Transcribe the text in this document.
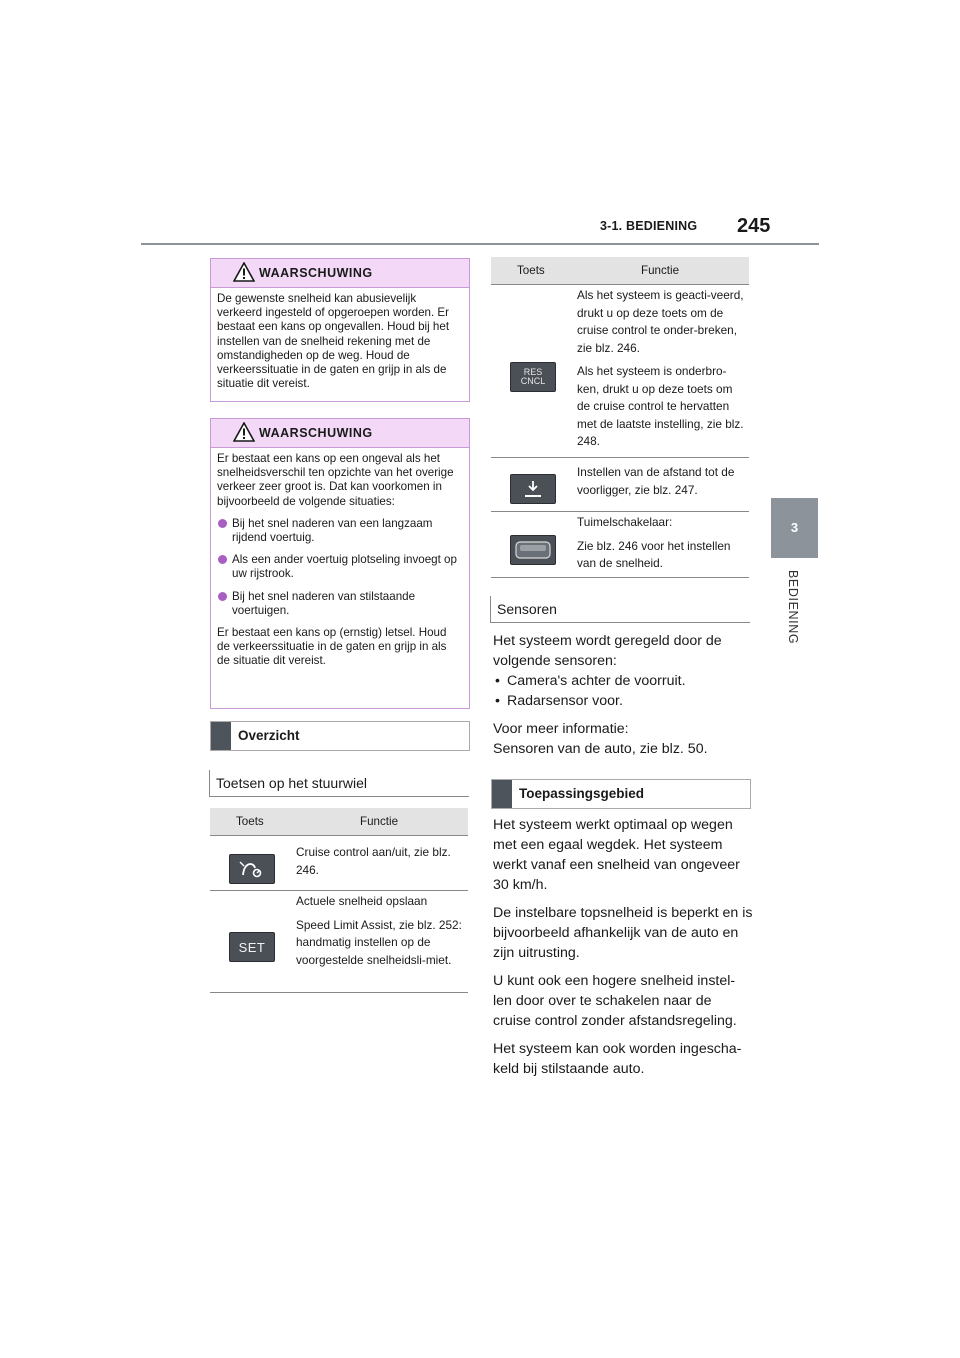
3-1. BEDIENING 245
3
BEDIENING
WAARSCHUWING

De gewenste snelheid kan abusievelijk verkeerd ingesteld of opgeroepen worden. Er bestaat een kans op ongevallen. Houd bij het instellen van de snelheid rekening met de omstandigheden op de weg. Houd de verkeerssituatie in de gaten en grijp in als de situatie dit vereist.

WAARSCHUWING

Er bestaat een kans op een ongeval als het snelheidsverschil ten opzichte van het overige verkeer zeer groot is. Dat kan voorkomen in bijvoorbeeld de volgende situaties:

Bij het snel naderen van een langzaam rijdend voertuig.
Als een ander voertuig plotseling invoegt op uw rijstrook.
Bij het snel naderen van stilstaande voertuigen.

Er bestaat een kans op (ernstig) letsel. Houd de verkeerssituatie in de gaten en grijp in als de situatie dit vereist.

Overzicht
Toetsen op het stuurwiel
Toets	Functie

Cruise control aan/uit, zie blz. 246.

SET

Actuele snelheid opslaan

Speed Limit Assist, zie blz. 252: handmatig instellen op de voorgestelde snelheidsli-miet.

Toets	Functie
RES
CNCL

Als het systeem is geacti-veerd, drukt u op deze toets om de cruise control te onder-breken, zie blz. 246.

Als het systeem is onderbro-ken, drukt u op deze toets om de cruise control te hervatten met de laatste instelling, zie blz. 248.

Instellen van de afstand tot de voorligger, zie blz. 247.

Tuimelschakelaar:

Zie blz. 246 voor het instellen van de snelheid.

Sensoren

Het systeem wordt geregeld door de volgende sensoren:

• Camera's achter de voorruit.
• Radarsensor voor.
Voor meer informatie:
Sensoren van de auto, zie blz. 50.
Toepassingsgebied

Het systeem werkt optimaal op wegen met een egaal wegdek. Het systeem werkt vanaf een snelheid van ongeveer 30 km/h.

De instelbare topsnelheid is beperkt en is bijvoorbeeld afhankelijk van de auto en zijn uitrusting.

U kunt ook een hogere snelheid instel-len door over te schakelen naar de cruise control zonder afstandsregeling.

Het systeem kan ook worden ingescha-keld bij stilstaande auto.
